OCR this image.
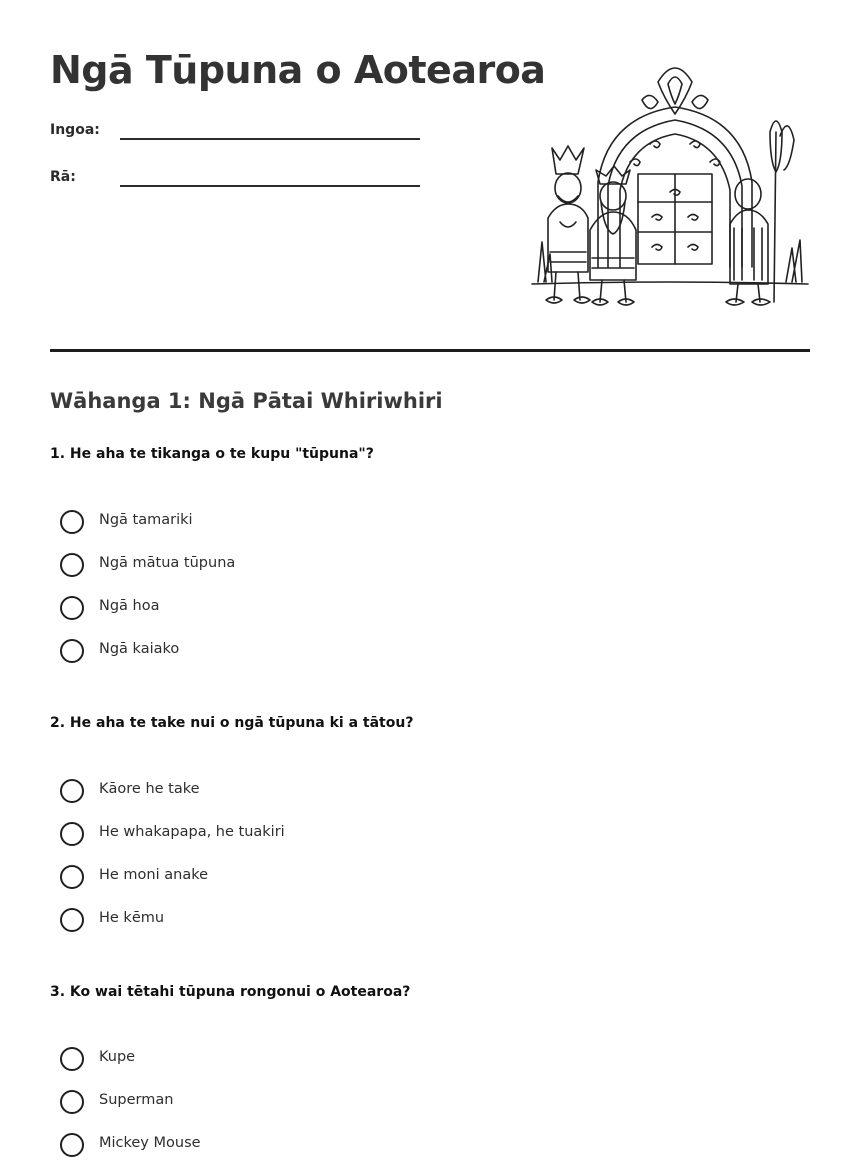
Ngā Tūpuna o Aotearoa
Ingoa:
Rā:
Wāhanga 1: Ngā Pātai Whiriwhiri

1. He aha te tikanga o te kupu "tūpuna"?

Ngā tamariki
Ngā mātua tūpuna
Ngā hoa
Ngā kaiako

2. He aha te take nui o ngā tūpuna ki a tātou?

Kāore he take
He whakapapa, he tuakiri
He moni anake
He kēmu

3. Ko wai tētahi tūpuna rongonui o Aotearoa?

Kupe
Superman
Mickey Mouse
